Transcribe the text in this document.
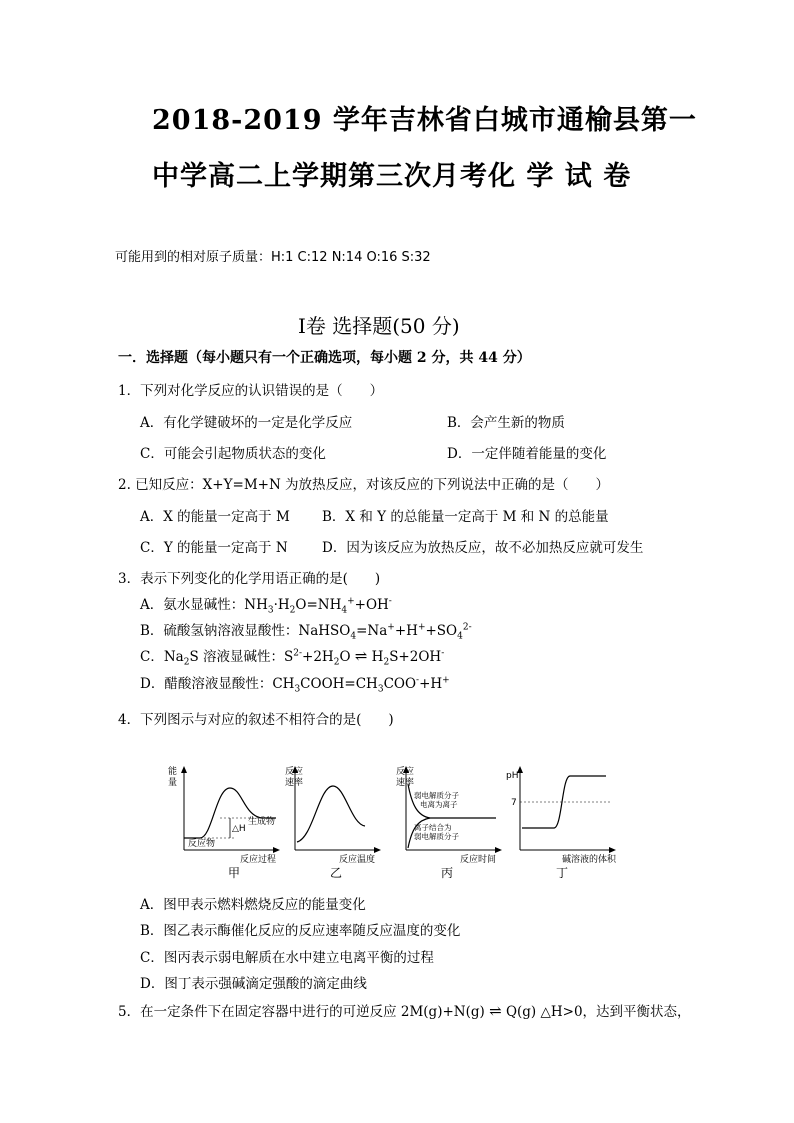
2018-2019 学年吉林省白城市通榆县第一
中学高二上学期第三次月考化 学 试 卷
可能用到的相对原子质量：H:1 C:12 N:14 O:16 S:32
Ⅰ卷 选择题(50 分)
一．选择题（每小题只有一个正确选项，每小题 2 分，共 44 分）
1．下列对化学反应的认识错误的是（　　）
A．有化学键破坏的一定是化学反应	B．会产生新的物质
C．可能会引起物质状态的变化	D．一定伴随着能量的变化
2. 已知反应：X+Y=M+N 为放热反应，对该反应的下列说法中正确的是（　　）
A．X 的能量一定高于 M B．X 和 Y 的总能量一定高于 M 和 N 的总能量
C．Y 的能量一定高于 N	D．因为该反应为放热反应，故不必加热反应就可发生
3．表示下列变化的化学用语正确的是(　　)
A．氨水显碱性：$NH_3\cdot H_2O=NH_4^++OH^-$
B．硫酸氢钠溶液显酸性：$NaHSO_4=Na^++H^++SO_4^{2-}$
C．$Na_2S$ 溶液显碱性：$S^{2-}+2H_2O$ ⇌ $H_2S+2OH^-$
D．醋酸溶液显酸性：$CH_3COOH=CH_3COO^-+H^+$
4．下列图示与对应的叙述不相符合的是(　　)
能
量
△H
生成物
反应物
反应过程
甲
反应
速率
反应温度
乙
反应
速率
弱电解质分子
电离为离子
离子结合为
弱电解质分子
反应时间
丙
pH
7
碱溶液的体积
丁
A．图甲表示燃料燃烧反应的能量变化
B．图乙表示酶催化反应的反应速率随反应温度的变化
C．图丙表示弱电解质在水中建立电离平衡的过程
D．图丁表示强碱滴定强酸的滴定曲线
5．在一定条件下在固定容器中进行的可逆反应 2M(g)+N(g) ⇌ Q(g) △H>0，达到平衡状态，
